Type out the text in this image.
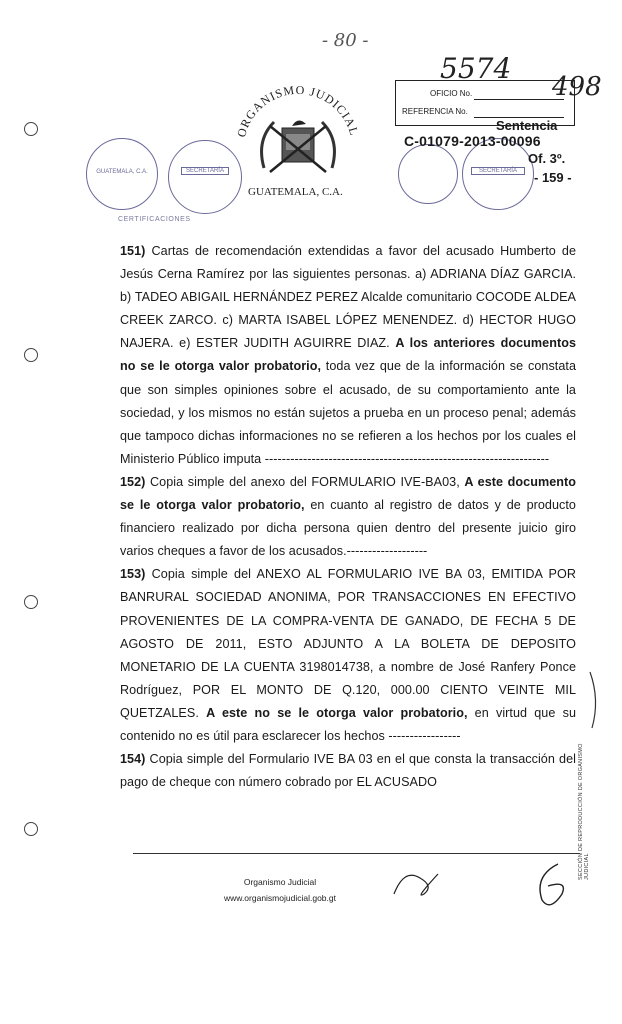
- 80 -
5574
498
ORGANISMO JUDICIAL
GUATEMALA, C.A.
GUATEMALA, C.A.	SECRETARÍA
CERTIFICACIONES
OFICIO No.
REFERENCIA No.
SECRETARÍA
Sentencia
C-01079-2013-00096
Of. 3º.
- 159 -

151) Cartas de recomendación extendidas a favor del acusado Humberto de Jesús Cerna Ramírez por las siguientes personas. a) ADRIANA DÍAZ GARCIA. b) TADEO ABIGAIL HERNÁNDEZ PEREZ Alcalde comunitario COCODE ALDEA CREEK ZARCO. c) MARTA ISABEL LÓPEZ MENENDEZ. d) HECTOR HUGO NAJERA. e) ESTER JUDITH AGUIRRE DIAZ. A los anteriores documentos no se le otorga valor probatorio, toda vez que de la información se constata que son simples opiniones sobre el acusado, de su comportamiento ante la sociedad, y los mismos no están sujetos a prueba en un proceso penal; además que tampoco dichas informaciones no se refieren a los hechos por los cuales el Ministerio Público imputa -------------------------------------------------------------------

152) Copia simple del anexo del FORMULARIO IVE-BA03, A este documento se le otorga valor probatorio, en cuanto al registro de datos y de producto financiero realizado por dicha persona quien dentro del presente juicio giro varios cheques a favor de los acusados.-------------------

153) Copia simple del ANEXO AL FORMULARIO IVE BA 03, EMITIDA POR BANRURAL SOCIEDAD ANONIMA, POR TRANSACCIONES EN EFECTIVO PROVENIENTES DE LA COMPRA-VENTA DE GANADO, DE FECHA 5 DE AGOSTO DE 2011, ESTO ADJUNTO A LA BOLETA DE DEPOSITO MONETARIO DE LA CUENTA 3198014738, a nombre de José Ranfery Ponce Rodríguez, POR EL MONTO DE Q.120, 000.00 CIENTO VEINTE MIL QUETZALES. A este no se le otorga valor probatorio, en virtud que su contenido no es útil para esclarecer los hechos -----------------

154) Copia simple del Formulario IVE BA 03 en el que consta la transacción del pago de cheque con número cobrado por EL ACUSADO	SECCIÓN DE REPRODUCCIÓN DE ORGANISMO JUDICIAL
Organismo Judicial
www.organismojudicial.gob.gt
